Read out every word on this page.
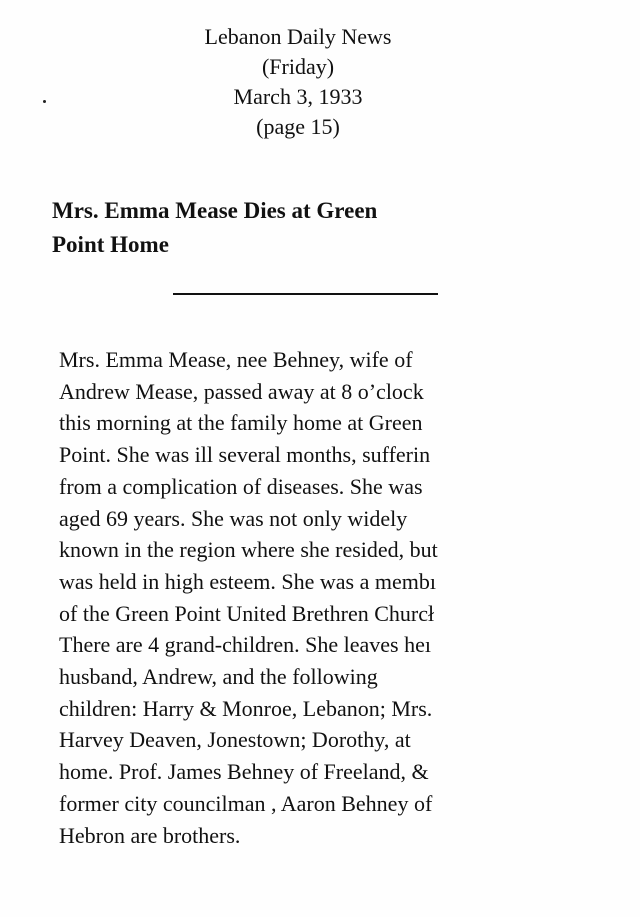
Lebanon Daily News
(Friday)
March 3, 1933
(page 15)
Mrs. Emma Mease Dies at Green
Point Home
Mrs. Emma Mease, nee Behney, wife of
Andrew Mease, passed away at 8 o’clock
this morning at the family home at Green
Point. She was ill several months, sufferin
from a complication of diseases. She was
aged 69 years. She was not only widely
known in the region where she resided, but
was held in high esteem. She was a membı
of the Green Point United Brethren Churcł
There are 4 grand-children. She leaves heı
husband, Andrew, and the following
children: Harry & Monroe, Lebanon; Mrs.
Harvey Deaven, Jonestown; Dorothy, at
home. Prof. James Behney of Freeland, &
former city councilman , Aaron Behney of
Hebron are brothers.
